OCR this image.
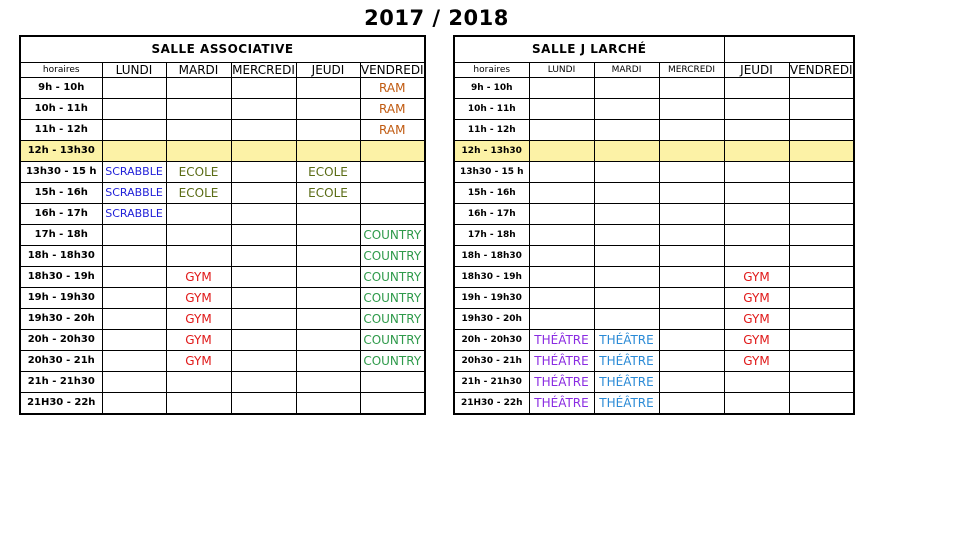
2017 / 2018
SALLE ASSOCIATIVE					
horaires	LUNDI	MARDI	MERCREDI	JEUDI	VENDREDI
9h - 10h					RAM
10h - 11h					RAM
11h - 12h					RAM
12h - 13h30					
13h30 - 15 h	SCRABBLE	ECOLE		ECOLE	
15h - 16h	SCRABBLE	ECOLE		ECOLE	
16h - 17h	SCRABBLE				
17h - 18h					COUNTRY
18h - 18h30					COUNTRY
18h30 - 19h		GYM			COUNTRY
19h - 19h30		GYM			COUNTRY
19h30 - 20h		GYM			COUNTRY
20h - 20h30		GYM			COUNTRY
20h30 - 21h		GYM			COUNTRY
21h - 21h30					
21H30 - 22h					
SALLE J LARCHÉ					
horaires	LUNDI	MARDI	MERCREDI	JEUDI	VENDREDI
9h - 10h					
10h - 11h					
11h - 12h					
12h - 13h30					
13h30 - 15 h					
15h - 16h					
16h - 17h					
17h - 18h					
18h - 18h30					
18h30 - 19h				GYM	
19h - 19h30				GYM	
19h30 - 20h				GYM	
20h - 20h30	THÉÂTRE	THÉÂTRE		GYM	
20h30 - 21h	THÉÂTRE	THÉÂTRE		GYM	
21h - 21h30	THÉÂTRE	THÉÂTRE			
21H30 - 22h	THÉÂTRE	THÉÂTRE			
